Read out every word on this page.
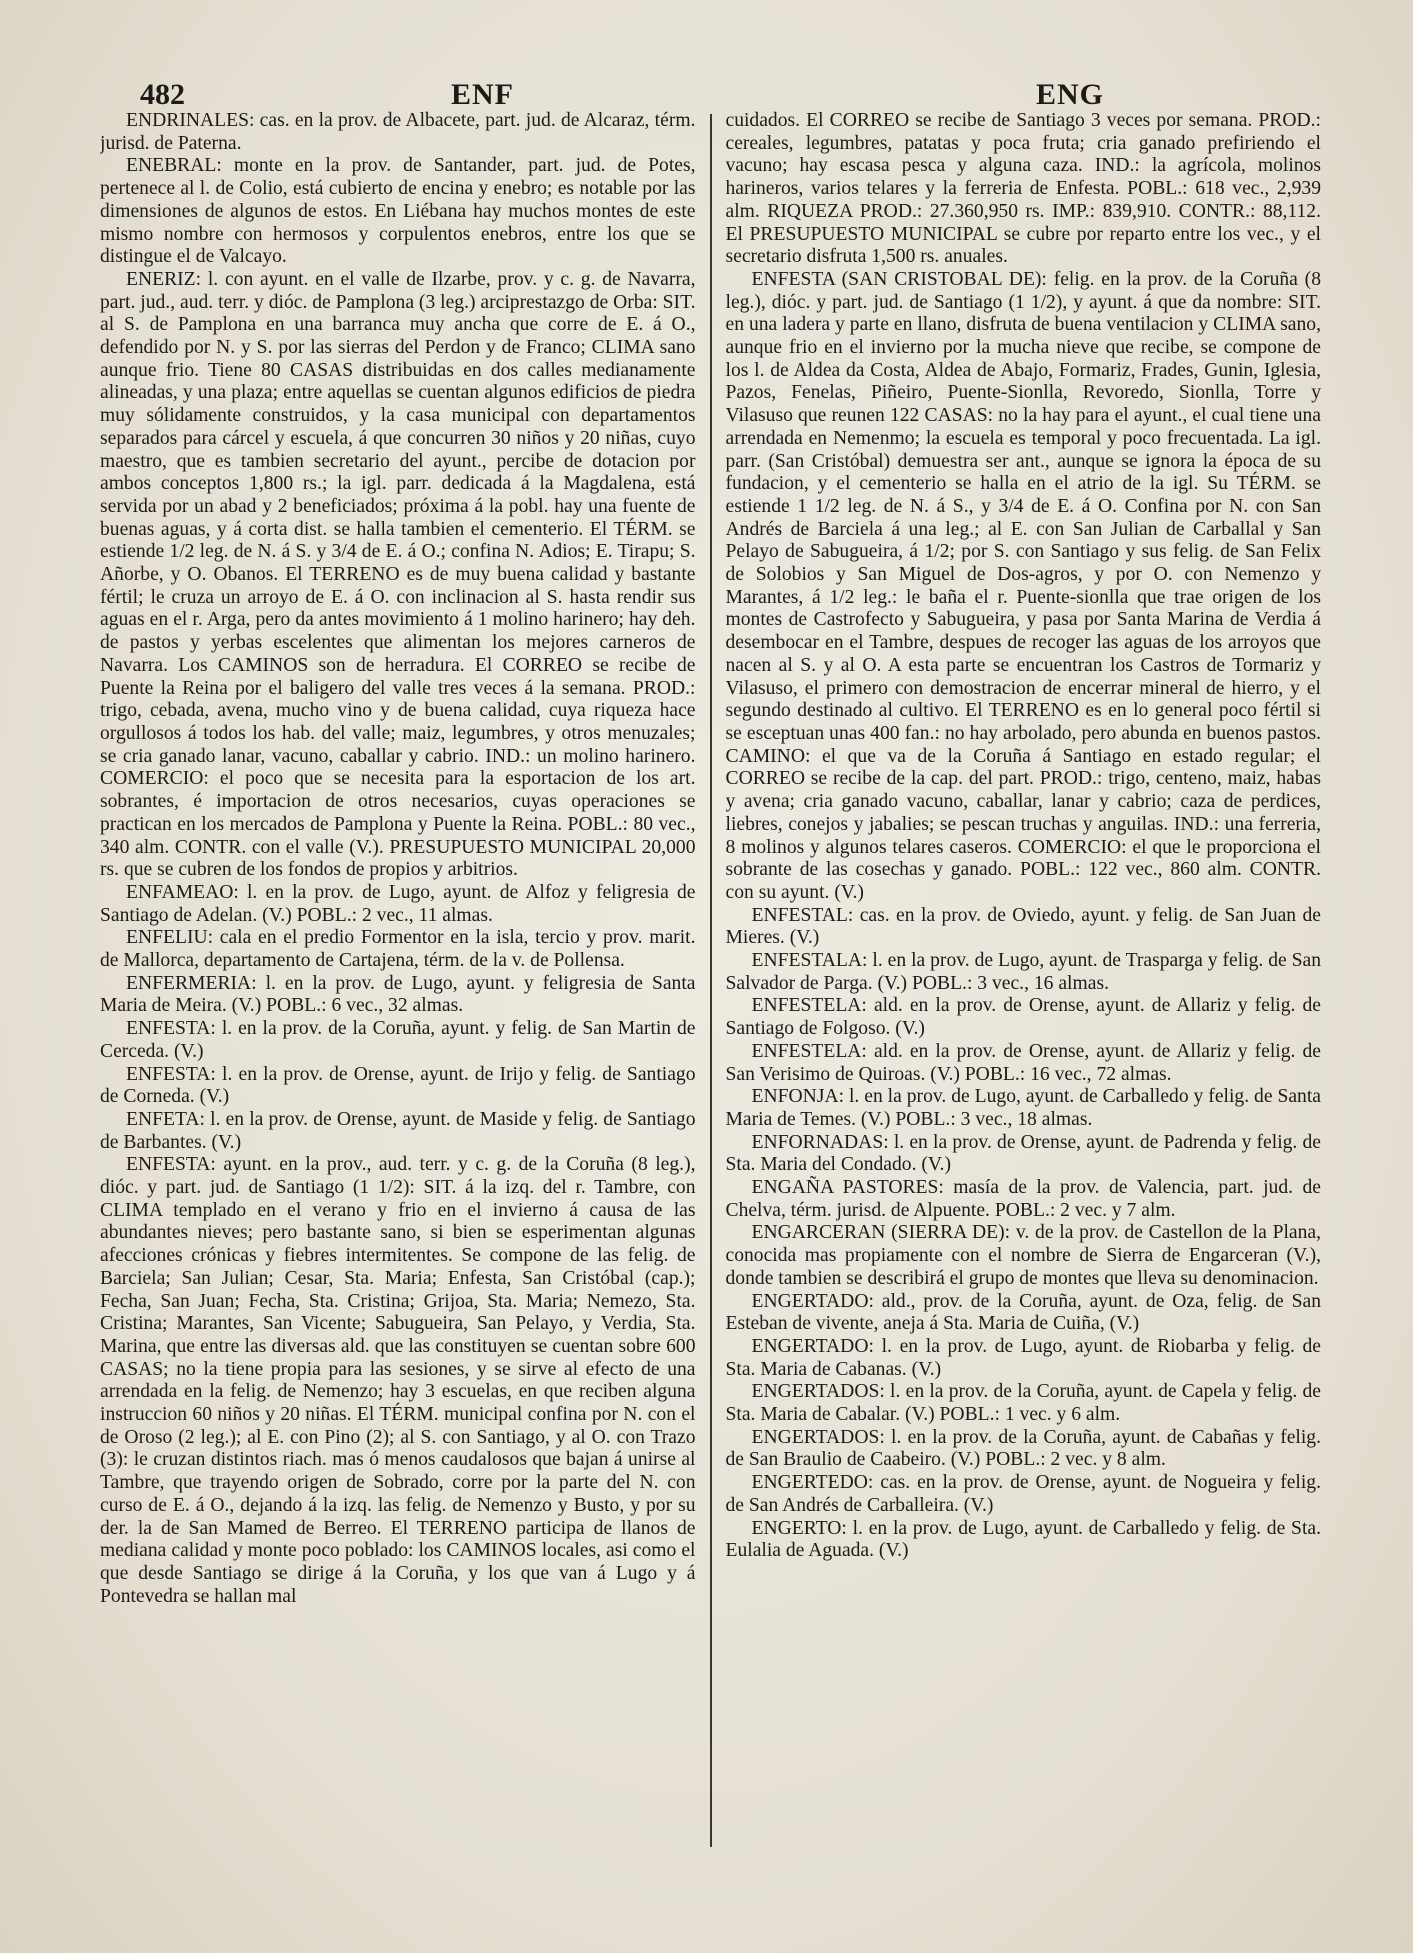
482	ENF	ENG

ENDRINALES: cas. en la prov. de Albacete, part. jud. de Alcaraz, térm. jurisd. de Paterna.

ENEBRAL: monte en la prov. de Santander, part. jud. de Potes, pertenece al l. de Colio, está cubierto de encina y enebro; es notable por las dimensiones de algunos de estos. En Liébana hay muchos montes de este mismo nombre con hermosos y corpulentos enebros, entre los que se distingue el de Valcayo.

ENERIZ: l. con ayunt. en el valle de Ilzarbe, prov. y c. g. de Navarra, part. jud., aud. terr. y dióc. de Pamplona (3 leg.) arciprestazgo de Orba: SIT. al S. de Pamplona en una barranca muy ancha que corre de E. á O., defendido por N. y S. por las sierras del Perdon y de Franco; CLIMA sano aunque frio. Tiene 80 CASAS distribuidas en dos calles medianamente alineadas, y una plaza; entre aquellas se cuentan algunos edificios de piedra muy sólidamente construidos, y la casa municipal con departamentos separados para cárcel y escuela, á que concurren 30 niños y 20 niñas, cuyo maestro, que es tambien secretario del ayunt., percibe de dotacion por ambos conceptos 1,800 rs.; la igl. parr. dedicada á la Magdalena, está servida por un abad y 2 beneficiados; próxima á la pobl. hay una fuente de buenas aguas, y á corta dist. se halla tambien el cementerio. El TÉRM. se estiende 1/2 leg. de N. á S. y 3/4 de E. á O.; confina N. Adios; E. Tirapu; S. Añorbe, y O. Obanos. El TERRENO es de muy buena calidad y bastante fértil; le cruza un arroyo de E. á O. con inclinacion al S. hasta rendir sus aguas en el r. Arga, pero da antes movimiento á 1 molino harinero; hay deh. de pastos y yerbas escelentes que alimentan los mejores carneros de Navarra. Los CAMINOS son de herradura. El CORREO se recibe de Puente la Reina por el baligero del valle tres veces á la semana. PROD.: trigo, cebada, avena, mucho vino y de buena calidad, cuya riqueza hace orgullosos á todos los hab. del valle; maiz, legumbres, y otros menuzales; se cria ganado lanar, vacuno, caballar y cabrio. IND.: un molino harinero. COMERCIO: el poco que se necesita para la esportacion de los art. sobrantes, é importacion de otros necesarios, cuyas operaciones se practican en los mercados de Pamplona y Puente la Reina. POBL.: 80 vec., 340 alm. CONTR. con el valle (V.). PRESUPUESTO MUNICIPAL 20,000 rs. que se cubren de los fondos de propios y arbitrios.

ENFAMEAO: l. en la prov. de Lugo, ayunt. de Alfoz y feligresia de Santiago de Adelan. (V.) POBL.: 2 vec., 11 almas.

ENFELIU: cala en el predio Formentor en la isla, tercio y prov. marit. de Mallorca, departamento de Cartajena, térm. de la v. de Pollensa.

ENFERMERIA: l. en la prov. de Lugo, ayunt. y feligresia de Santa Maria de Meira. (V.) POBL.: 6 vec., 32 almas.

ENFESTA: l. en la prov. de la Coruña, ayunt. y felig. de San Martin de Cerceda. (V.)

ENFESTA: l. en la prov. de Orense, ayunt. de Irijo y felig. de Santiago de Corneda. (V.)

ENFETA: l. en la prov. de Orense, ayunt. de Maside y felig. de Santiago de Barbantes. (V.)

ENFESTA: ayunt. en la prov., aud. terr. y c. g. de la Coruña (8 leg.), dióc. y part. jud. de Santiago (1 1/2): SIT. á la izq. del r. Tambre, con CLIMA templado en el verano y frio en el invierno á causa de las abundantes nieves; pero bastante sano, si bien se esperimentan algunas afecciones crónicas y fiebres intermitentes. Se compone de las felig. de Barciela; San Julian; Cesar, Sta. Maria; Enfesta, San Cristóbal (cap.); Fecha, San Juan; Fecha, Sta. Cristina; Grijoa, Sta. Maria; Nemezo, Sta. Cristina; Marantes, San Vicente; Sabugueira, San Pelayo, y Verdia, Sta. Marina, que entre las diversas ald. que las constituyen se cuentan sobre 600 CASAS; no la tiene propia para las sesiones, y se sirve al efecto de una arrendada en la felig. de Nemenzo; hay 3 escuelas, en que reciben alguna instruccion 60 niños y 20 niñas. El TÉRM. municipal confina por N. con el de Oroso (2 leg.); al E. con Pino (2); al S. con Santiago, y al O. con Trazo (3): le cruzan distintos riach. mas ó menos caudalosos que bajan á unirse al Tambre, que trayendo origen de Sobrado, corre por la parte del N. con curso de E. á O., dejando á la izq. las felig. de Nemenzo y Busto, y por su der. la de San Mamed de Berreo. El TERRENO participa de llanos de mediana calidad y monte poco poblado: los CAMINOS locales, asi como el que desde Santiago se dirige á la Coruña, y los que van á Lugo y á Pontevedra se hallan mal

cuidados. El CORREO se recibe de Santiago 3 veces por semana. PROD.: cereales, legumbres, patatas y poca fruta; cria ganado prefiriendo el vacuno; hay escasa pesca y alguna caza. IND.: la agrícola, molinos harineros, varios telares y la ferreria de Enfesta. POBL.: 618 vec., 2,939 alm. RIQUEZA PROD.: 27.360,950 rs. IMP.: 839,910. CONTR.: 88,112. El PRESUPUESTO MUNICIPAL se cubre por reparto entre los vec., y el secretario disfruta 1,500 rs. anuales.

ENFESTA (SAN CRISTOBAL DE): felig. en la prov. de la Coruña (8 leg.), dióc. y part. jud. de Santiago (1 1/2), y ayunt. á que da nombre: SIT. en una ladera y parte en llano, disfruta de buena ventilacion y CLIMA sano, aunque frio en el invierno por la mucha nieve que recibe, se compone de los l. de Aldea da Costa, Aldea de Abajo, Formariz, Frades, Gunin, Iglesia, Pazos, Fenelas, Piñeiro, Puente-Sionlla, Revoredo, Sionlla, Torre y Vilasuso que reunen 122 CASAS: no la hay para el ayunt., el cual tiene una arrendada en Nemenmo; la escuela es temporal y poco frecuentada. La igl. parr. (San Cristóbal) demuestra ser ant., aunque se ignora la época de su fundacion, y el cementerio se halla en el atrio de la igl. Su TÉRM. se estiende 1 1/2 leg. de N. á S., y 3/4 de E. á O. Confina por N. con San Andrés de Barciela á una leg.; al E. con San Julian de Carballal y San Pelayo de Sabugueira, á 1/2; por S. con Santiago y sus felig. de San Felix de Solobios y San Miguel de Dos-agros, y por O. con Nemenzo y Marantes, á 1/2 leg.: le baña el r. Puente-sionlla que trae origen de los montes de Castrofecto y Sabugueira, y pasa por Santa Marina de Verdia á desembocar en el Tambre, despues de recoger las aguas de los arroyos que nacen al S. y al O. A esta parte se encuentran los Castros de Tormariz y Vilasuso, el primero con demostracion de encerrar mineral de hierro, y el segundo destinado al cultivo. El TERRENO es en lo general poco fértil si se esceptuan unas 400 fan.: no hay arbolado, pero abunda en buenos pastos. CAMINO: el que va de la Coruña á Santiago en estado regular; el CORREO se recibe de la cap. del part. PROD.: trigo, centeno, maiz, habas y avena; cria ganado vacuno, caballar, lanar y cabrio; caza de perdices, liebres, conejos y jabalies; se pescan truchas y anguilas. IND.: una ferreria, 8 molinos y algunos telares caseros. COMERCIO: el que le proporciona el sobrante de las cosechas y ganado. POBL.: 122 vec., 860 alm. CONTR. con su ayunt. (V.)

ENFESTAL: cas. en la prov. de Oviedo, ayunt. y felig. de San Juan de Mieres. (V.)

ENFESTALA: l. en la prov. de Lugo, ayunt. de Trasparga y felig. de San Salvador de Parga. (V.) POBL.: 3 vec., 16 almas.

ENFESTELA: ald. en la prov. de Orense, ayunt. de Allariz y felig. de Santiago de Folgoso. (V.)

ENFESTELA: ald. en la prov. de Orense, ayunt. de Allariz y felig. de San Verisimo de Quiroas. (V.) POBL.: 16 vec., 72 almas.

ENFONJA: l. en la prov. de Lugo, ayunt. de Carballedo y felig. de Santa Maria de Temes. (V.) POBL.: 3 vec., 18 almas.

ENFORNADAS: l. en la prov. de Orense, ayunt. de Padrenda y felig. de Sta. Maria del Condado. (V.)

ENGAÑA PASTORES: masía de la prov. de Valencia, part. jud. de Chelva, térm. jurisd. de Alpuente. POBL.: 2 vec. y 7 alm.

ENGARCERAN (SIERRA DE): v. de la prov. de Castellon de la Plana, conocida mas propiamente con el nombre de Sierra de Engarceran (V.), donde tambien se describirá el grupo de montes que lleva su denominacion.

ENGERTADO: ald., prov. de la Coruña, ayunt. de Oza, felig. de San Esteban de vivente, aneja á Sta. Maria de Cuiña, (V.)

ENGERTADO: l. en la prov. de Lugo, ayunt. de Riobarba y felig. de Sta. Maria de Cabanas. (V.)

ENGERTADOS: l. en la prov. de la Coruña, ayunt. de Capela y felig. de Sta. Maria de Cabalar. (V.) POBL.: 1 vec. y 6 alm.

ENGERTADOS: l. en la prov. de la Coruña, ayunt. de Cabañas y felig. de San Braulio de Caabeiro. (V.) POBL.: 2 vec. y 8 alm.

ENGERTEDO: cas. en la prov. de Orense, ayunt. de Nogueira y felig. de San Andrés de Carballeira. (V.)

ENGERTO: l. en la prov. de Lugo, ayunt. de Carballedo y felig. de Sta. Eulalia de Aguada. (V.)
